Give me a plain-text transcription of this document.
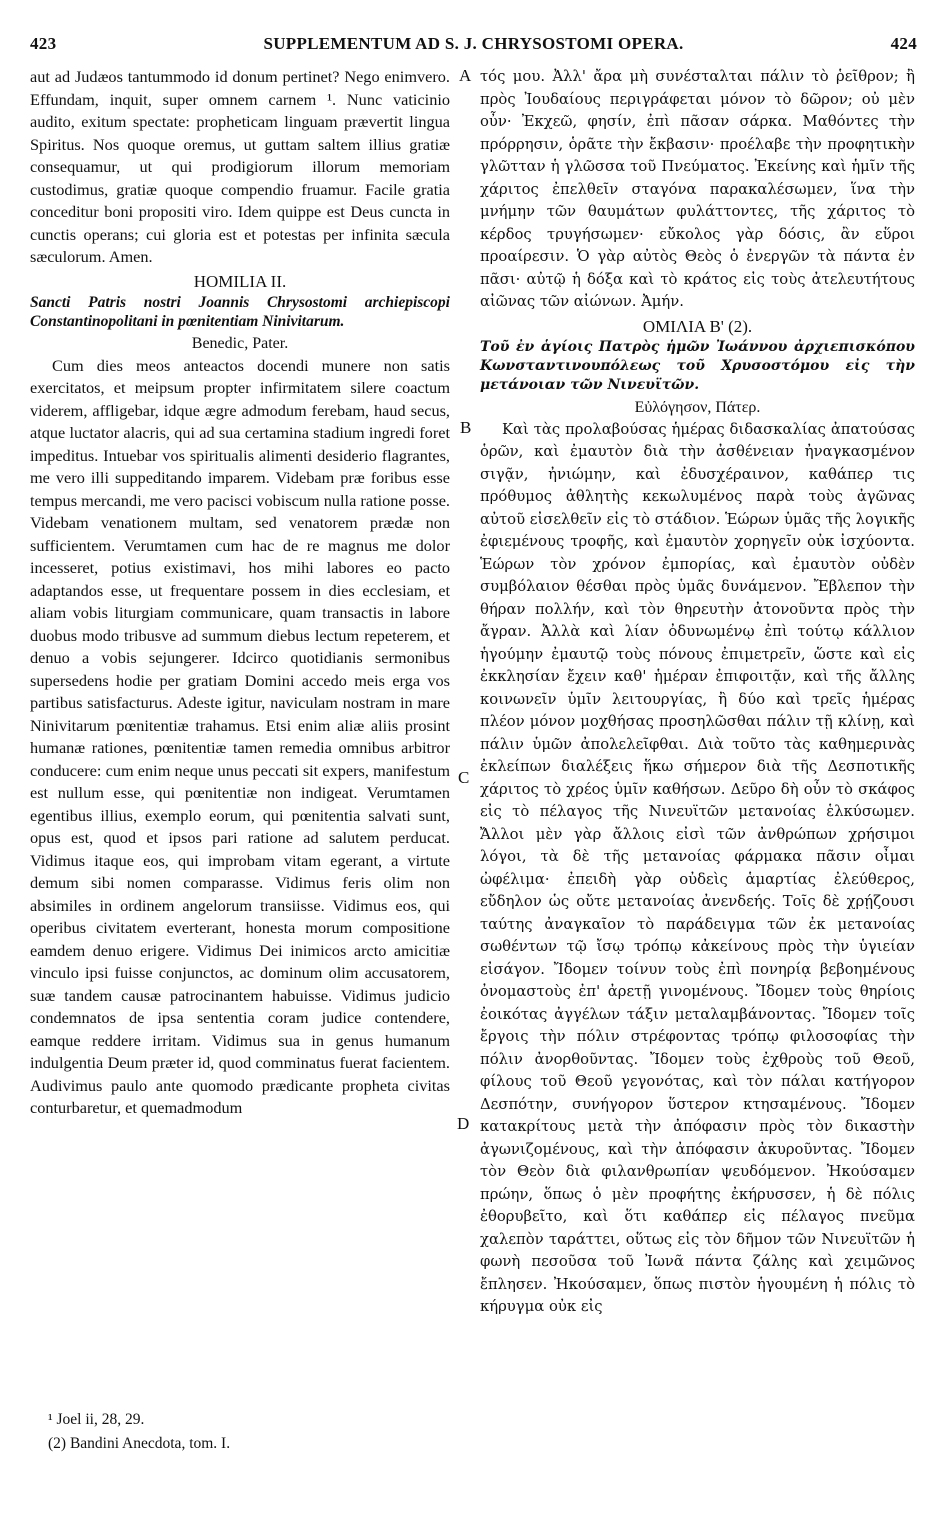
423	SUPPLEMENTUM AD S. J. CHRYSOSTOMI OPERA.	424

aut ad Judæos tantummodo id donum pertinet? Nego enimvero. Effundam, inquit, super omnem carnem ¹. Nunc vaticinio audito, exitum spectate: propheticam linguam prævertit lingua Spiritus. Nos quoque oremus, ut guttam saltem illius gratiæ consequamur, ut qui prodigiorum illorum memoriam custodimus, gratiæ quoque compendio fruamur. Facile gratia conceditur boni propositi viro. Idem quippe est Deus cuncta in cunctis operans; cui gloria est et potestas per infinita sæcula sæculorum. Amen.

HOMILIA II.
Sancti Patris nostri Joannis Chrysostomi archiepiscopi Constantinopolitani in pœnitentiam Ninivitarum.
Benedic, Pater.

Cum dies meos anteactos docendi munere non satis exercitatos, et meipsum propter infirmitatem silere coactum viderem, affligebar, idque ægre admodum ferebam, haud secus, atque luctator alacris, qui ad sua certamina stadium ingredi foret impeditus. Intuebar vos spiritualis alimenti desiderio flagrantes, me vero illi suppeditando imparem. Videbam præ foribus esse tempus mercandi, me vero pacisci vobiscum nulla ratione posse. Videbam venationem multam, sed venatorem prædæ non sufficientem. Verumtamen cum hac de re magnus me dolor incesseret, potius existimavi, hos mihi labores eo pacto adaptandos esse, ut frequentare possem in dies ecclesiam, et aliam vobis liturgiam communicare, quam transactis in labore duobus modo tribusve ad summum diebus lectum repeterem, et denuo a vobis sejungerer. Idcirco quotidianis sermonibus supersedens hodie per gratiam Domini accedo meis erga vos partibus satisfacturus. Adeste igitur, naviculam nostram in mare Ninivitarum pœnitentiæ trahamus. Etsi enim aliæ aliis prosint humanæ rationes, pœnitentiæ tamen remedia omnibus arbitror conducere: cum enim neque unus peccati sit expers, manifestum est nullum esse, qui pœnitentiæ non indigeat. Verumtamen egentibus illius, exemplo eorum, qui pœnitentia salvati sunt, opus est, quod et ipsos pari ratione ad salutem perducat. Vidimus itaque eos, qui improbam vitam egerant, a virtute demum sibi nomen comparasse. Vidimus feris olim non absimiles in ordinem angelorum transiisse. Vidimus eos, qui operibus civitatem everterant, honesta morum compositione eamdem denuo erigere. Vidimus Dei inimicos arcto amicitiæ vinculo ipsi fuisse conjunctos, ac dominum olim accusatorem, suæ tandem causæ patrocinantem habuisse. Vidimus judicio condemnatos de ipsa sententia coram judice contendere, eamque reddere irritam. Vidimus sua in genus humanum indulgentia Deum præter id, quod comminatus fuerat facientem. Audivimus paulo ante quomodo prædicante propheta civitas conturbaretur, et quemadmodum

τός μου. Ἀλλ' ἄρα μὴ συνέσταλται πάλιν τὸ ῥεῖθρον; ἢ πρὸς Ἰουδαίους περιγράφεται μόνον τὸ δῶρον; οὐ μὲν οὖν· Ἐκχεῶ, φησίν, ἐπὶ πᾶσαν σάρκα. Μαθόντες τὴν πρόρρησιν, ὁρᾶτε τὴν ἔκβασιν· προέλαβε τὴν προφητικὴν γλῶτταν ἡ γλῶσσα τοῦ Πνεύματος. Ἐκείνης καὶ ἡμῖν τῆς χάριτος ἐπελθεῖν σταγόνα παρακαλέσωμεν, ἵνα τὴν μνήμην τῶν θαυμάτων φυλάττοντες, τῆς χάριτος τὸ κέρδος τρυγήσωμεν· εὔκολος γὰρ δόσις, ἂν εὕροι προαίρεσιν. Ὁ γὰρ αὐτὸς Θεὸς ὁ ἐνεργῶν τὰ πάντα ἐν πᾶσι· αὐτῷ ἡ δόξα καὶ τὸ κράτος εἰς τοὺς ἀτελευτήτους αἰῶνας τῶν αἰώνων. Ἀμήν.

ΟΜΙΛΙΑ Β' (2).
Τοῦ ἐν ἁγίοις Πατρὸς ἡμῶν Ἰωάννου ἀρχιεπισκόπου Κωνσταντινουπόλεως τοῦ Χρυσοστόμου εἰς τὴν μετάνοιαν τῶν Νινευϊτῶν.
Εὐλόγησον, Πάτερ.

Καὶ τὰς προλαβούσας ἡμέρας διδασκαλίας ἀπατούσας ὁρῶν, καὶ ἐμαυτὸν διὰ τὴν ἀσθένειαν ἠναγκασμένον σιγᾷν, ἠνιώμην, καὶ ἐδυσχέραινον, καθάπερ τις πρόθυμος ἀθλητὴς κεκωλυμένος παρὰ τοὺς ἀγῶνας αὐτοῦ εἰσελθεῖν εἰς τὸ στάδιον. Ἑώρων ὑμᾶς τῆς λογικῆς ἐφιεμένους τροφῆς, καὶ ἐμαυτὸν χορηγεῖν οὐκ ἰσχύοντα. Ἑώρων τὸν χρόνον ἐμπορίας, καὶ ἐμαυτὸν οὐδὲν συμβόλαιον θέσθαι πρὸς ὑμᾶς δυνάμενον. Ἔβλεπον τὴν θήραν πολλήν, καὶ τὸν θηρευτὴν ἀτονοῦντα πρὸς τὴν ἄγραν. Ἀλλὰ καὶ λίαν ὀδυνωμένῳ ἐπὶ τούτῳ κάλλιον ἡγούμην ἐμαυτῷ τοὺς πόνους ἐπιμετρεῖν, ὥστε καὶ εἰς ἐκκλησίαν ἔχειν καθ' ἡμέραν ἐπιφοιτᾷν, καὶ τῆς ἄλλης κοινωνεῖν ὑμῖν λειτουργίας, ἢ δύο καὶ τρεῖς ἡμέρας πλέον μόνον μοχθήσας προσηλῶσθαι πάλιν τῇ κλίνῃ, καὶ πάλιν ὑμῶν ἀπολελεῖφθαι. Διὰ τοῦτο τὰς καθημερινὰς ἐκλείπων διαλέξεις ἥκω σήμερον διὰ τῆς Δεσποτικῆς χάριτος τὸ χρέος ὑμῖν καθήσων. Δεῦρο δὴ οὖν τὸ σκάφος εἰς τὸ πέλαγος τῆς Νινευϊτῶν μετανοίας ἑλκύσωμεν. Ἄλλοι μὲν γὰρ ἄλλοις εἰσὶ τῶν ἀνθρώπων χρήσιμοι λόγοι, τὰ δὲ τῆς μετανοίας φάρμακα πᾶσιν οἶμαι ὠφέλιμα· ἐπειδὴ γὰρ οὐδεὶς ἁμαρτίας ἐλεύθερος, εὔδηλον ὡς οὔτε μετανοίας ἀνενδεής. Τοῖς δὲ χρῄζουσι ταύτης ἀναγκαῖον τὸ παράδειγμα τῶν ἐκ μετανοίας σωθέντων τῷ ἴσῳ τρόπῳ κἀκείνους πρὸς τὴν ὑγιείαν εἰσάγον. Ἴδομεν τοίνυν τοὺς ἐπὶ πονηρίᾳ βεβοημένους ὀνομαστοὺς ἐπ' ἀρετῇ γινομένους. Ἴδομεν τοὺς θηρίοις ἐοικότας ἀγγέλων τάξιν μεταλαμβάνοντας. Ἴδομεν τοῖς ἔργοις τὴν πόλιν στρέφοντας τρόπῳ φιλοσοφίας τὴν πόλιν ἀνορθοῦντας. Ἴδομεν τοὺς ἐχθροὺς τοῦ Θεοῦ, φίλους τοῦ Θεοῦ γεγονότας, καὶ τὸν πάλαι κατήγορον Δεσπότην, συνήγορον ὕστερον κτησαμένους. Ἴδομεν κατακρίτους μετὰ τὴν ἀπόφασιν πρὸς τὸν δικαστὴν ἀγωνιζομένους, καὶ τὴν ἀπόφασιν ἀκυροῦντας. Ἴδομεν τὸν Θεὸν διὰ φιλανθρωπίαν ψευδόμενον. Ἠκούσαμεν πρώην, ὅπως ὁ μὲν προφήτης ἐκήρυσσεν, ἡ δὲ πόλις ἐθορυβεῖτο, καὶ ὅτι καθάπερ εἰς πέλαγος πνεῦμα χαλεπὸν ταράττει, οὕτως εἰς τὸν δῆμον τῶν Νινευϊτῶν ἡ φωνὴ πεσοῦσα τοῦ Ἰωνᾶ πάντα ζάλης καὶ χειμῶνος ἔπλησεν. Ἠκούσαμεν, ὅπως πιστὸν ἡγουμένη ἡ πόλις τὸ κήρυγμα οὐκ εἰς

A
B
C
D
¹ Joel ii, 28, 29.
(2) Bandini Anecdota, tom. I.
